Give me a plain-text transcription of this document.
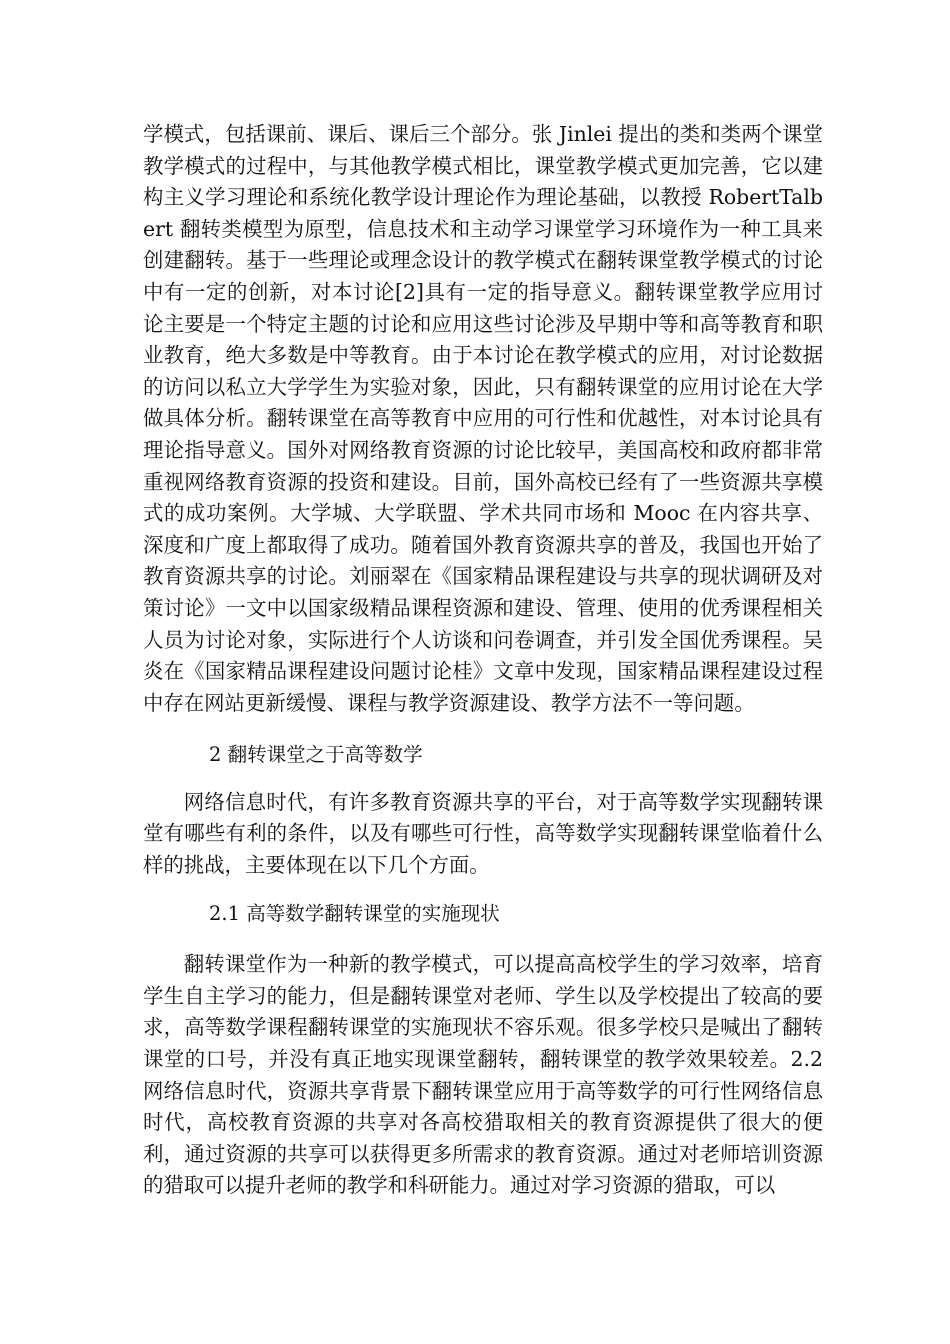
学模式，包括课前、课后、课后三个部分。张 Jinlei 提出的类和类两个课堂教学模式的过程中，与其他教学模式相比，课堂教学模式更加完善，它以建构主义学习理论和系统化教学设计理论作为理论基础，以教授 RobertTalbert 翻转类模型为原型，信息技术和主动学习课堂学习环境作为一种工具来创建翻转。基于一些理论或理念设计的教学模式在翻转课堂教学模式的讨论中有一定的创新，对本讨论[2]具有一定的指导意义。翻转课堂教学应用讨论主要是一个特定主题的讨论和应用这些讨论涉及早期中等和高等教育和职业教育，绝大多数是中等教育。由于本讨论在教学模式的应用，对讨论数据的访问以私立大学学生为实验对象，因此，只有翻转课堂的应用讨论在大学做具体分析。翻转课堂在高等教育中应用的可行性和优越性，对本讨论具有理论指导意义。国外对网络教育资源的讨论比较早，美国高校和政府都非常重视网络教育资源的投资和建设。目前，国外高校已经有了一些资源共享模式的成功案例。大学城、大学联盟、学术共同市场和 Mooc 在内容共享、深度和广度上都取得了成功。随着国外教育资源共享的普及，我国也开始了教育资源共享的讨论。刘丽翠在《国家精品课程建设与共享的现状调研及对策讨论》一文中以国家级精品课程资源和建设、管理、使用的优秀课程相关人员为讨论对象，实际进行个人访谈和问卷调查，并引发全国优秀课程。吴炎在《国家精品课程建设问题讨论桂》文章中发现，国家精品课程建设过程中存在网站更新缓慢、课程与教学资源建设、教学方法不一等问题。

2 翻转课堂之于高等数学

网络信息时代，有许多教育资源共享的平台，对于高等数学实现翻转课堂有哪些有利的条件，以及有哪些可行性，高等数学实现翻转课堂临着什么样的挑战，主要体现在以下几个方面。

2.1 高等数学翻转课堂的实施现状

翻转课堂作为一种新的教学模式，可以提高高校学生的学习效率，培育学生自主学习的能力，但是翻转课堂对老师、学生以及学校提出了较高的要求，高等数学课程翻转课堂的实施现状不容乐观。很多学校只是喊出了翻转课堂的口号，并没有真正地实现课堂翻转，翻转课堂的教学效果较差。2.2 网络信息时代，资源共享背景下翻转课堂应用于高等数学的可行性网络信息时代，高校教育资源的共享对各高校猎取相关的教育资源提供了很大的便利，通过资源的共享可以获得更多所需求的教育资源。通过对老师培训资源的猎取可以提升老师的教学和科研能力。通过对学习资源的猎取，可以
